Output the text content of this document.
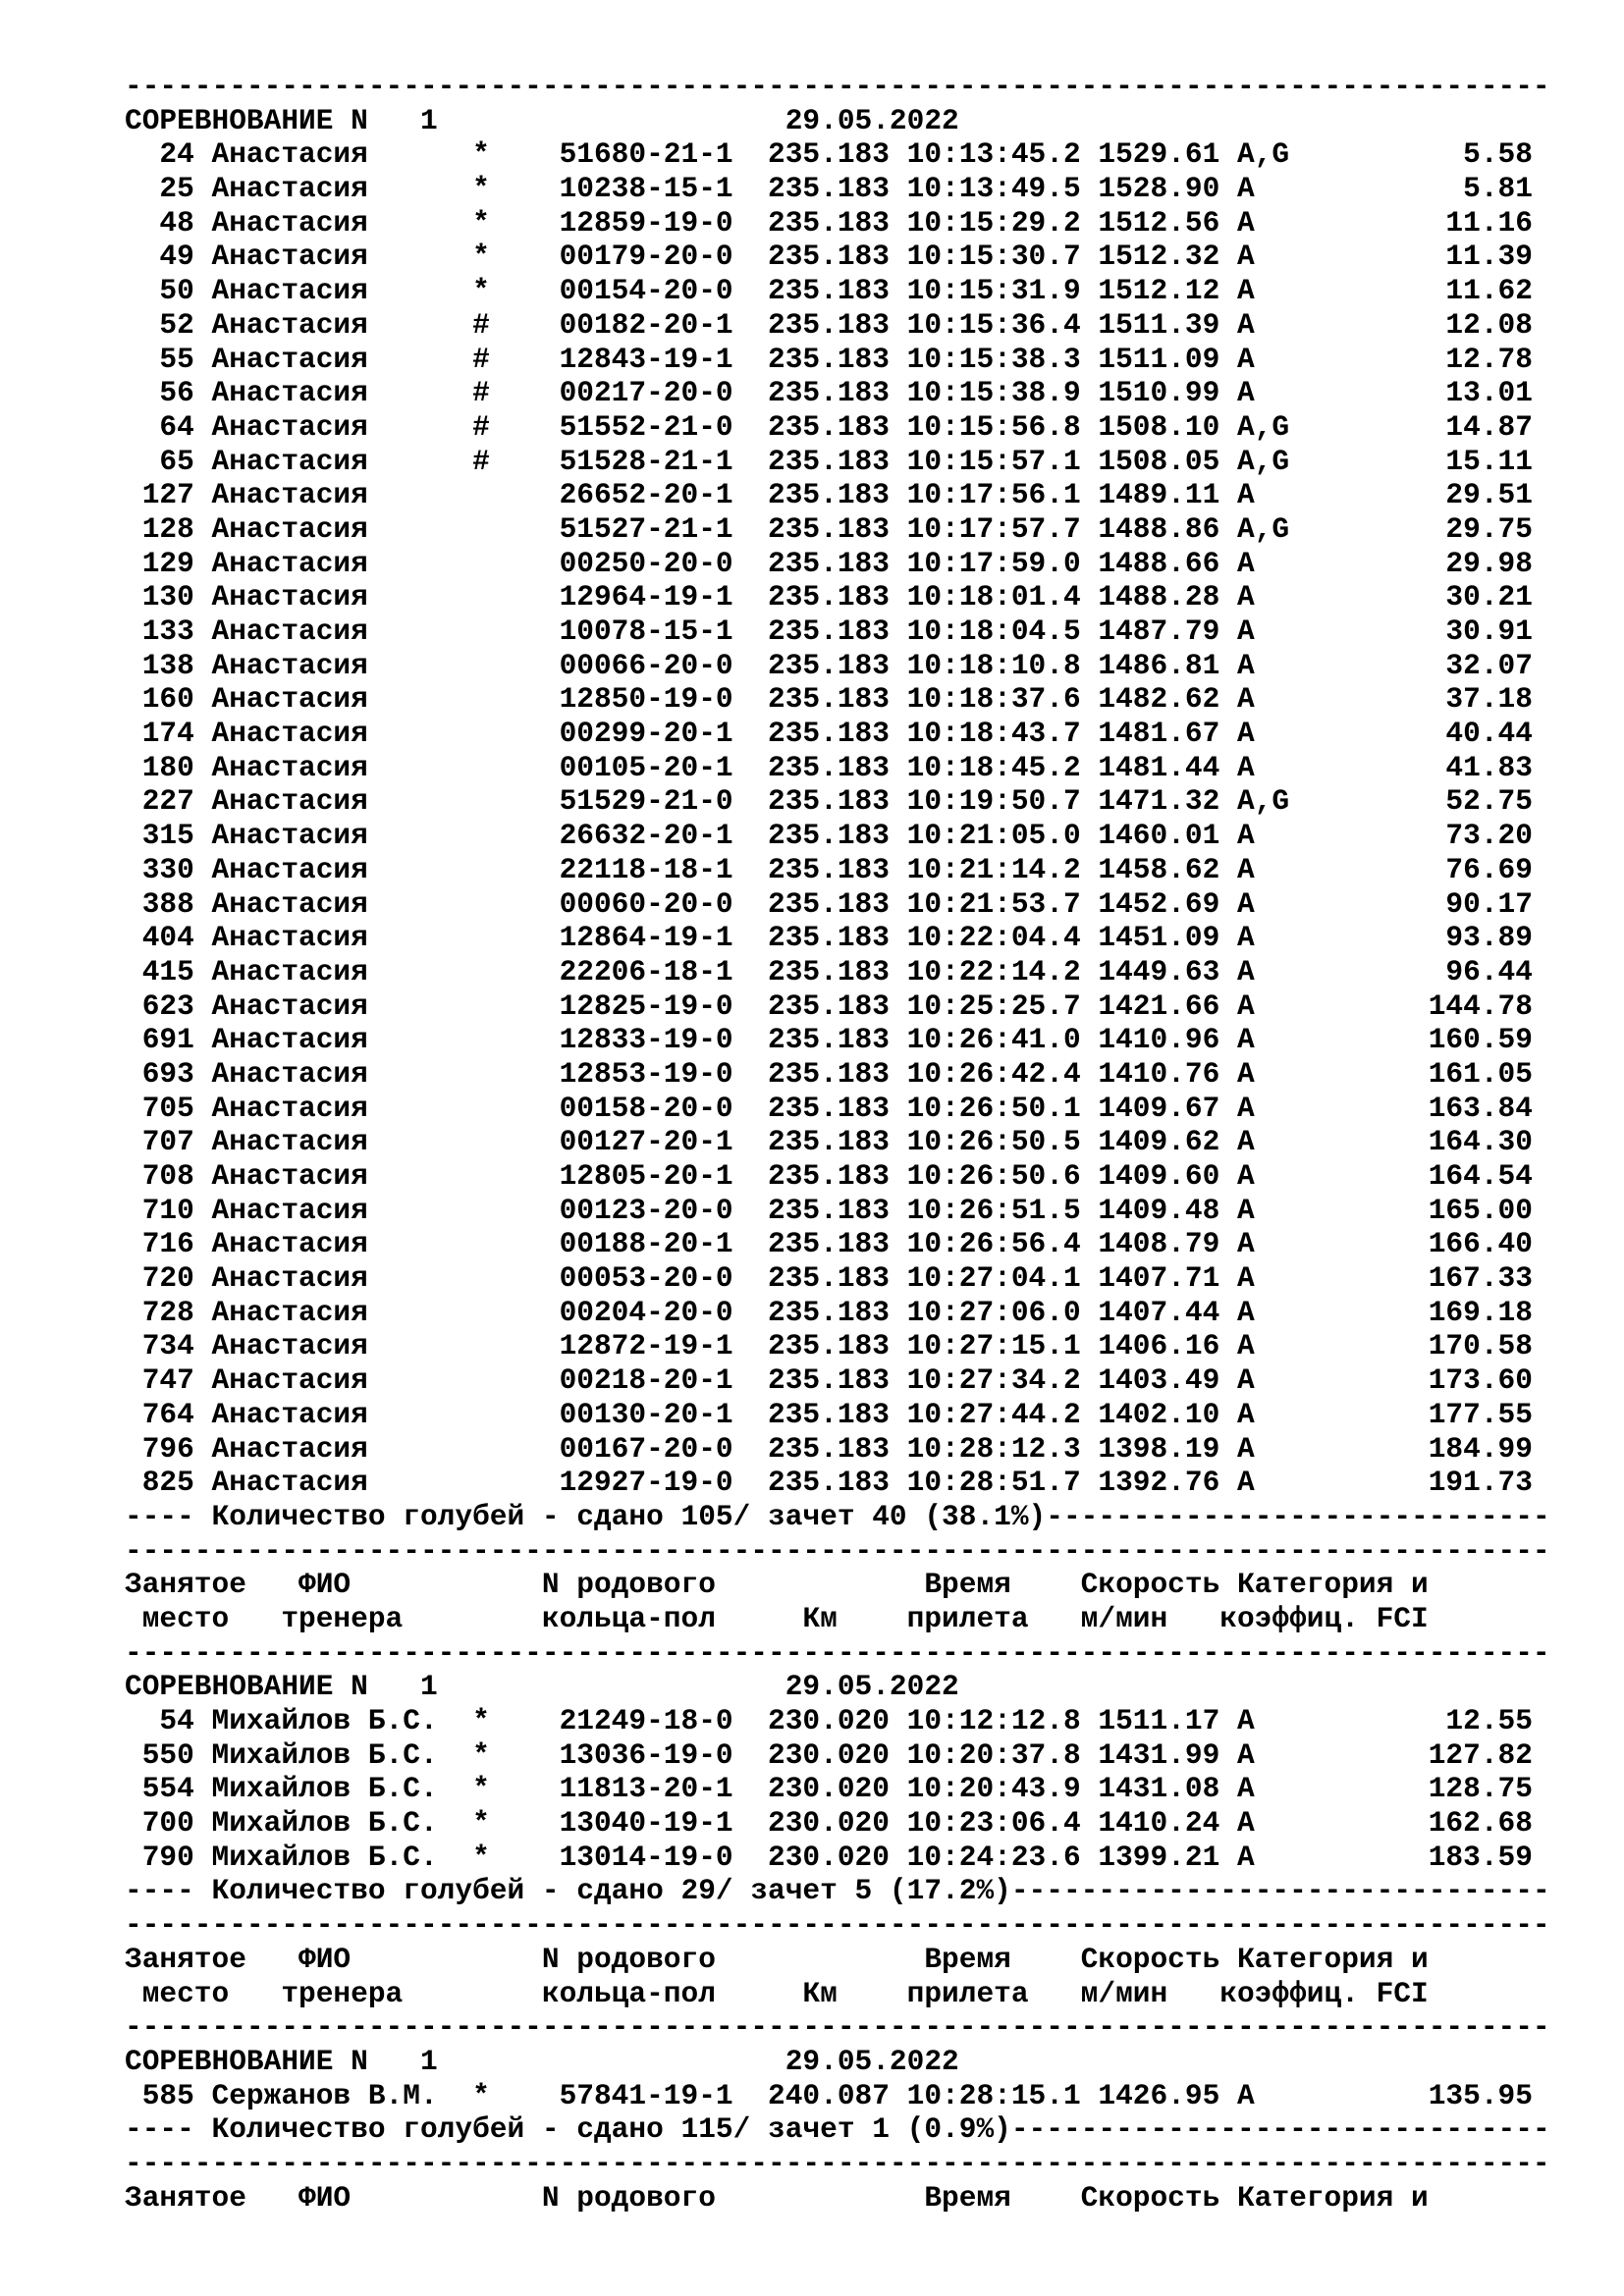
----------------------------------------------------------------------------------
СОРЕВНОВАНИЕ N   1                    29.05.2022
24 Анастасия      * 51680-21-1 235.183 10:13:45.2 1529.61 A,G          5.58
25 Анастасия      * 10238-15-1 235.183 10:13:49.5 1528.90 A            5.81
48 Анастасия      * 12859-19-0 235.183 10:15:29.2 1512.56 A           11.16
49 Анастасия      * 00179-20-0 235.183 10:15:30.7 1512.32 A           11.39
50 Анастасия      * 00154-20-0 235.183 10:15:31.9 1512.12 A           11.62
52 Анастасия      # 00182-20-1 235.183 10:15:36.4 1511.39 A           12.08
55 Анастасия      # 12843-19-1 235.183 10:15:38.3 1511.09 A           12.78
56 Анастасия      # 00217-20-0 235.183 10:15:38.9 1510.99 A           13.01
64 Анастасия      # 51552-21-0 235.183 10:15:56.8 1508.10 A,G         14.87
65 Анастасия      # 51528-21-1 235.183 10:15:57.1 1508.05 A,G         15.11
127 Анастасия	26652-20-1 235.183 10:17:56.1 1489.11 A           29.51
128 Анастасия	51527-21-1 235.183 10:17:57.7 1488.86 A,G         29.75
129 Анастасия	00250-20-0 235.183 10:17:59.0 1488.66 A           29.98
130 Анастасия	12964-19-1 235.183 10:18:01.4 1488.28 A           30.21
133 Анастасия	10078-15-1 235.183 10:18:04.5 1487.79 A           30.91
138 Анастасия	00066-20-0 235.183 10:18:10.8 1486.81 A           32.07
160 Анастасия	12850-19-0 235.183 10:18:37.6 1482.62 A           37.18
174 Анастасия	00299-20-1 235.183 10:18:43.7 1481.67 A           40.44
180 Анастасия	00105-20-1 235.183 10:18:45.2 1481.44 A           41.83
227 Анастасия	51529-21-0 235.183 10:19:50.7 1471.32 A,G         52.75
315 Анастасия	26632-20-1 235.183 10:21:05.0 1460.01 A           73.20
330 Анастасия	22118-18-1 235.183 10:21:14.2 1458.62 A           76.69
388 Анастасия	00060-20-0 235.183 10:21:53.7 1452.69 A           90.17
404 Анастасия	12864-19-1 235.183 10:22:04.4 1451.09 A           93.89
415 Анастасия	22206-18-1 235.183 10:22:14.2 1449.63 A           96.44
623 Анастасия	12825-19-0 235.183 10:25:25.7 1421.66 A          144.78
691 Анастасия	12833-19-0 235.183 10:26:41.0 1410.96 A          160.59
693 Анастасия	12853-19-0 235.183 10:26:42.4 1410.76 A          161.05
705 Анастасия	00158-20-0 235.183 10:26:50.1 1409.67 A          163.84
707 Анастасия	00127-20-1 235.183 10:26:50.5 1409.62 A          164.30
708 Анастасия	12805-20-1 235.183 10:26:50.6 1409.60 A          164.54
710 Анастасия	00123-20-0 235.183 10:26:51.5 1409.48 A          165.00
716 Анастасия	00188-20-1 235.183 10:26:56.4 1408.79 A          166.40
720 Анастасия	00053-20-0 235.183 10:27:04.1 1407.71 A          167.33
728 Анастасия	00204-20-0 235.183 10:27:06.0 1407.44 A          169.18
734 Анастасия	12872-19-1 235.183 10:27:15.1 1406.16 A          170.58
747 Анастасия	00218-20-1 235.183 10:27:34.2 1403.49 A          173.60
764 Анастасия	00130-20-1 235.183 10:27:44.2 1402.10 A          177.55
796 Анастасия	00167-20-0 235.183 10:28:12.3 1398.19 A          184.99
825 Анастасия	12927-19-0 235.183 10:28:51.7 1392.76 A          191.73
---- Количество голубей - сдано 105/ зачет 40 (38.1%)-----------------------------
----------------------------------------------------------------------------------
Занятое   ФИО           N родового            Время    Скорость Категория и
место   тренера        кольца-пол     Км    прилета   м/мин   коэффиц. FCI
----------------------------------------------------------------------------------
СОРЕВНОВАНИЕ N   1                    29.05.2022
54 Михайлов Б.С.  * 21249-18-0 230.020 10:12:12.8 1511.17 A           12.55
550 Михайлов Б.С.  * 13036-19-0 230.020 10:20:37.8 1431.99 A          127.82
554 Михайлов Б.С.  * 11813-20-1 230.020 10:20:43.9 1431.08 A          128.75
700 Михайлов Б.С.  * 13040-19-1 230.020 10:23:06.4 1410.24 A          162.68
790 Михайлов Б.С.  * 13014-19-0 230.020 10:24:23.6 1399.21 A          183.59
---- Количество голубей - сдано 29/ зачет 5 (17.2%)-------------------------------
----------------------------------------------------------------------------------
Занятое   ФИО           N родового            Время    Скорость Категория и
место   тренера        кольца-пол     Км    прилета   м/мин   коэффиц. FCI
----------------------------------------------------------------------------------
СОРЕВНОВАНИЕ N   1                    29.05.2022
585 Сержанов В.М.  * 57841-19-1 240.087 10:28:15.1 1426.95 A          135.95
---- Количество голубей - сдано 115/ зачет 1 (0.9%)-------------------------------
----------------------------------------------------------------------------------
Занятое   ФИО           N родового            Время    Скорость Категория и
